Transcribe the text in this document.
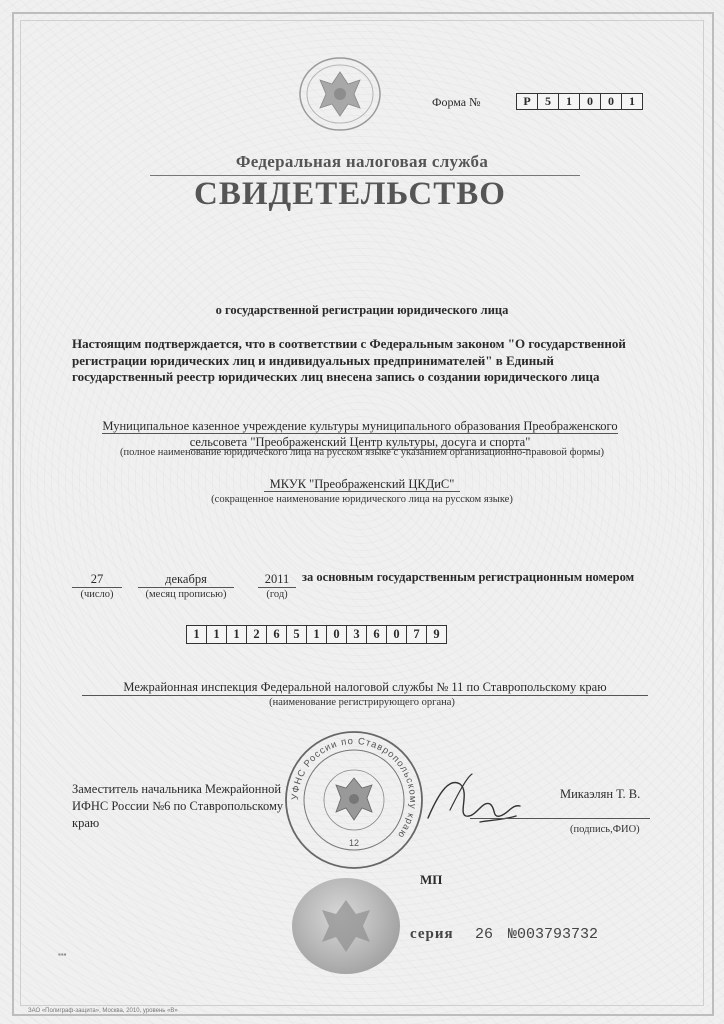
Форма №	Р	5	1	0	0	1
Федеральная налоговая служба
СВИДЕТЕЛЬСТВО
о государственной регистрации юридического лица
Настоящим подтверждается, что в соответствии с Федеральным законом "О государственной регистрации юридических лиц и индивидуальных предпринимателей" в Единый государственный реестр юридических лиц внесена запись о создании юридического лица
Муниципальное казенное учреждение культуры муниципального образования Преображенского сельсовета "Преображенский Центр культуры, досуга и спорта"
(полное наименование юридического лица на русском языке с указанием организационно-правовой формы)
МКУК "Преображенский ЦКДиС"
(сокращенное наименование юридического лица на русском языке)
27
(число)
декабря
(месяц прописью)
2011
(год)
за основным государственным регистрационным номером
1	1	1	2	6	5	1	0	3	6	0	7	9
Межрайонная инспекция Федеральной налоговой службы № 11 по Ставропольскому краю
(наименование регистрирующего органа)
УФНС России по Ставропольскому краю
12
Заместитель начальника Межрайонной ИФНС России №6 по Ставропольскому краю
Микаэлян Т. В.
(подпись,ФИО)
МП
▪▪▪
серия 26 №003793732
ЗАО «Полиграф-защита», Москва, 2010, уровень «В»
